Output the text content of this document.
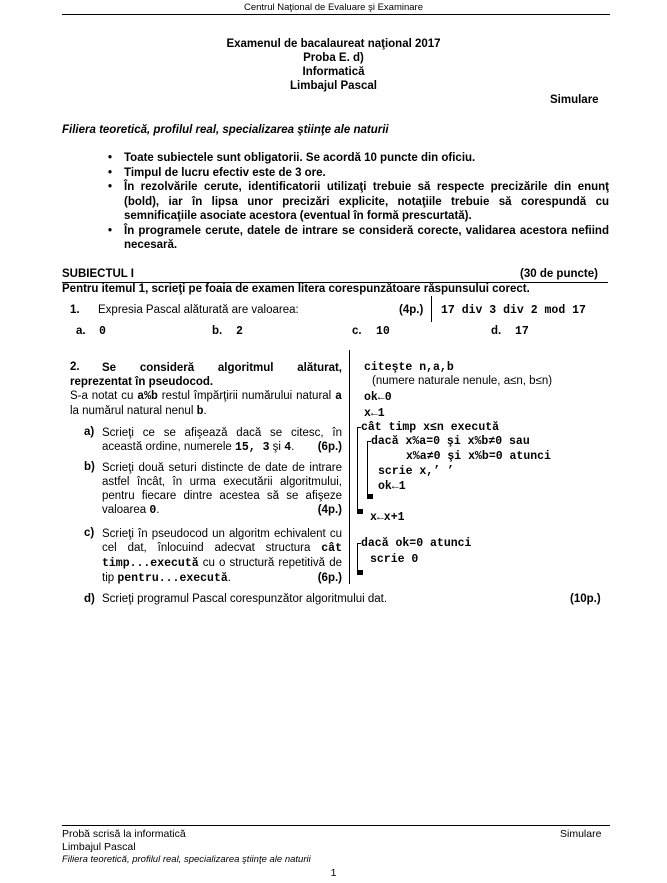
Centrul Naţional de Evaluare şi Examinare
Examenul de bacalaureat naţional 2017
Proba E. d)
Informatică
Limbajul Pascal
Simulare
Filiera teoretică, profilul real, specializarea ştiinţe ale naturii
• Toate subiectele sunt obligatorii. Se acordă 10 puncte din oficiu.
• Timpul de lucru efectiv este de 3 ore.
• În rezolvările cerute, identificatorii utilizaţi trebuie să respecte precizările din enunţ (bold), iar în lipsa unor precizări explicite, notaţiile trebuie să corespundă cu semnificaţiile asociate acestora (eventual în formă prescurtată).
• În programele cerute, datele de intrare se consideră corecte, validarea acestora nefiind necesară.
SUBIECTUL I	(30 de puncte)
Pentru itemul 1, scrieţi pe foaia de examen litera corespunzătoare răspunsului corect.
1. Expresia Pascal alăturată are valoarea:	(4p.) 17 div 3 div 2 mod 17
a. 0	b. 2	c. 10	d. 17
2.	Se consideră algoritmul alăturat, reprezentat în pseudocod.
S-a notat cu a%b restul împărţirii numărului natural a la numărul natural nenul b.
a) Scrieţi ce se afişează dacă se citesc, în această ordine, numerele 15, 3 şi 4. (6p.)
b) Scrieţi două seturi distincte de date de intrare astfel încât, în urma executării algoritmului, pentru fiecare dintre acestea să se afişeze valoarea 0.	(4p.)
c) Scrieţi în pseudocod un algoritm echivalent cu cel dat, înlocuind adecvat structura cât timp...execută cu o structură repetitivă de tip pentru...execută.	(6p.)
d) Scrieţi programul Pascal corespunzător algoritmului dat.	(10p.)
citeşte n,a,b
(numere naturale nenule, a≤n, b≤n)
ok←0
x←1
cât timp x≤n execută
dacă x%a=0 şi x%b≠0 sau
x%a≠0 şi x%b=0 atunci
scrie x,’ ’
ok←1
x←x+1
dacă ok=0 atunci
scrie 0
Probă scrisă la informatică
Limbajul Pascal
Filiera teoretică, profilul real, specializarea ştiinţe ale naturii
Simulare
1
